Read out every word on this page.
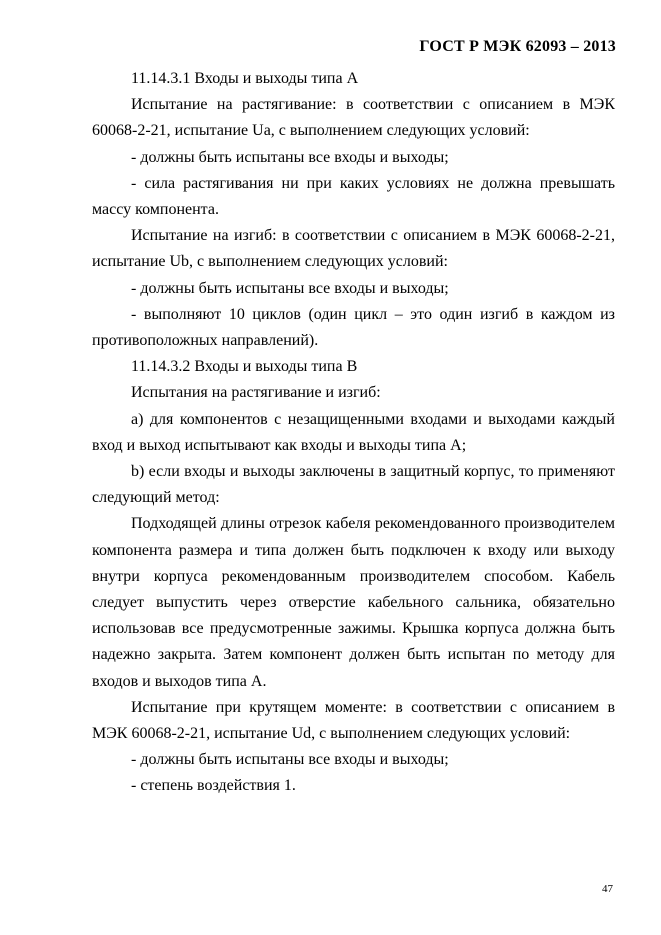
ГОСТ Р МЭК 62093 – 2013

11.14.3.1 Входы и выходы типа А

Испытание на растягивание: в соответствии с описанием в МЭК 60068-2-21, испытание Ua, с выполнением следующих условий:

- должны быть испытаны все входы и выходы;

- сила растягивания ни при каких условиях не должна превышать массу компонента.

Испытание на изгиб: в соответствии с описанием в МЭК 60068-2-21, испытание Ub, с выполнением следующих условий:

- должны быть испытаны все входы и выходы;

- выполняют 10 циклов (один цикл – это один изгиб в каждом из противоположных направлений).

11.14.3.2 Входы и выходы типа В

Испытания на растягивание и изгиб:

а) для компонентов с незащищенными входами и выходами каждый вход и выход испытывают как входы и выходы типа А;

b) если входы и выходы заключены в защитный корпус, то применяют следующий метод:

Подходящей длины отрезок кабеля рекомендованного производителем компонента размера и типа должен быть подключен к входу или выходу внутри корпуса рекомендованным производителем способом. Кабель следует выпустить через отверстие кабельного сальника, обязательно использовав все предусмотренные зажимы. Крышка корпуса должна быть надежно закрыта. Затем компонент должен быть испытан по методу для входов и выходов типа А.

Испытание при крутящем моменте: в соответствии с описанием в МЭК 60068-2-21, испытание Ud, с выполнением следующих условий:

- должны быть испытаны все входы и выходы;

- степень воздействия 1.

47
